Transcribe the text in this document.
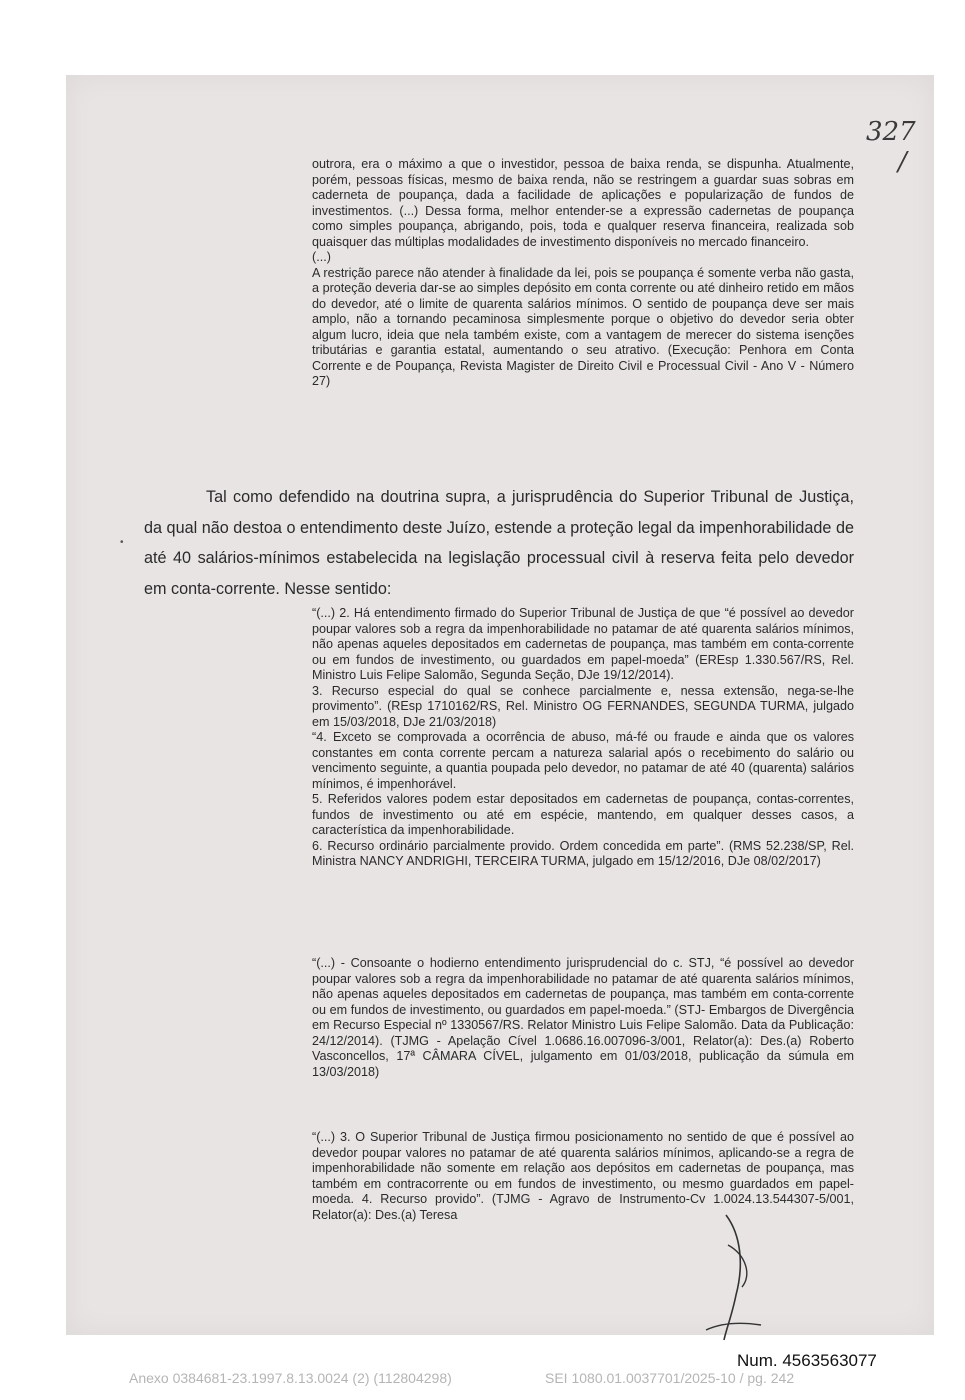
327
/

outrora, era o máximo a que o investidor, pessoa de baixa renda, se dispunha. Atualmente, porém, pessoas físicas, mesmo de baixa renda, não se restringem a guardar suas sobras em caderneta de poupança, dada a facilidade de aplicações e popularização de fundos de investimentos. (...) Dessa forma, melhor entender-se a expressão cadernetas de poupança como simples poupança, abrigando, pois, toda e qualquer reserva financeira, realizada sob quaisquer das múltiplas modalidades de investimento disponíveis no mercado financeiro.

(...)

A restrição parece não atender à finalidade da lei, pois se poupança é somente verba não gasta, a proteção deveria dar-se ao simples depósito em conta corrente ou até dinheiro retido em mãos do devedor, até o limite de quarenta salários mínimos. O sentido de poupança deve ser mais amplo, não a tornando pecaminosa simplesmente porque o objetivo do devedor seria obter algum lucro, ideia que nela também existe, com a vantagem de merecer do sistema isenções tributárias e garantia estatal, aumentando o seu atrativo. (Execução: Penhora em Conta Corrente e de Poupança, Revista Magister de Direito Civil e Processual Civil - Ano V - Número 27)

•

Tal como defendido na doutrina supra, a jurisprudência do Superior Tribunal de Justiça, da qual não destoa o entendimento deste Juízo, estende a proteção legal da impenhorabilidade de até 40 salários-mínimos estabelecida na legislação processual civil à reserva feita pelo devedor em conta-corrente. Nesse sentido:

“(...) 2. Há entendimento firmado do Superior Tribunal de Justiça de que “é possível ao devedor poupar valores sob a regra da impenhorabilidade no patamar de até quarenta salários mínimos, não apenas aqueles depositados em cadernetas de poupança, mas também em conta-corrente ou em fundos de investimento, ou guardados em papel-moeda” (EREsp 1.330.567/RS, Rel. Ministro Luis Felipe Salomão, Segunda Seção, DJe 19/12/2014).

3. Recurso especial do qual se conhece parcialmente e, nessa extensão, nega-se-lhe provimento”. (REsp 1710162/RS, Rel. Ministro OG FERNANDES, SEGUNDA TURMA, julgado em 15/03/2018, DJe 21/03/2018)

“4. Exceto se comprovada a ocorrência de abuso, má-fé ou fraude e ainda que os valores constantes em conta corrente percam a natureza salarial após o recebimento do salário ou vencimento seguinte, a quantia poupada pelo devedor, no patamar de até 40 (quarenta) salários mínimos, é impenhorável.

5. Referidos valores podem estar depositados em cadernetas de poupança, contas-correntes, fundos de investimento ou até em espécie, mantendo, em qualquer desses casos, a característica da impenhorabilidade.

6. Recurso ordinário parcialmente provido. Ordem concedida em parte”. (RMS 52.238/SP, Rel. Ministra NANCY ANDRIGHI, TERCEIRA TURMA, julgado em 15/12/2016, DJe 08/02/2017)

“(...) - Consoante o hodierno entendimento jurisprudencial do c. STJ, “é possível ao devedor poupar valores sob a regra da impenhorabilidade no patamar de até quarenta salários mínimos, não apenas aqueles depositados em cadernetas de poupança, mas também em conta-corrente ou em fundos de investimento, ou guardados em papel-moeda.” (STJ- Embargos de Divergência em Recurso Especial nº 1330567/RS. Relator Ministro Luis Felipe Salomão. Data da Publicação: 24/12/2014). (TJMG - Apelação Cível 1.0686.16.007096-3/001, Relator(a): Des.(a) Roberto Vasconcellos, 17ª CÂMARA CÍVEL, julgamento em 01/03/2018, publicação da súmula em 13/03/2018)

“(...) 3. O Superior Tribunal de Justiça firmou posicionamento no sentido de que é possível ao devedor poupar valores no patamar de até quarenta salários mínimos, aplicando-se a regra de impenhorabilidade não somente em relação aos depósitos em cadernetas de poupança, mas também em contracorrente ou em fundos de investimento, ou mesmo guardados em papel-moeda. 4. Recurso provido”. (TJMG - Agravo de Instrumento-Cv 1.0024.13.544307-5/001, Relator(a): Des.(a) Teresa

Num. 4563563077
Anexo 0384681-23.1997.8.13.0024 (2) (112804298)	SEI 1080.01.0037701/2025-10 / pg. 242
